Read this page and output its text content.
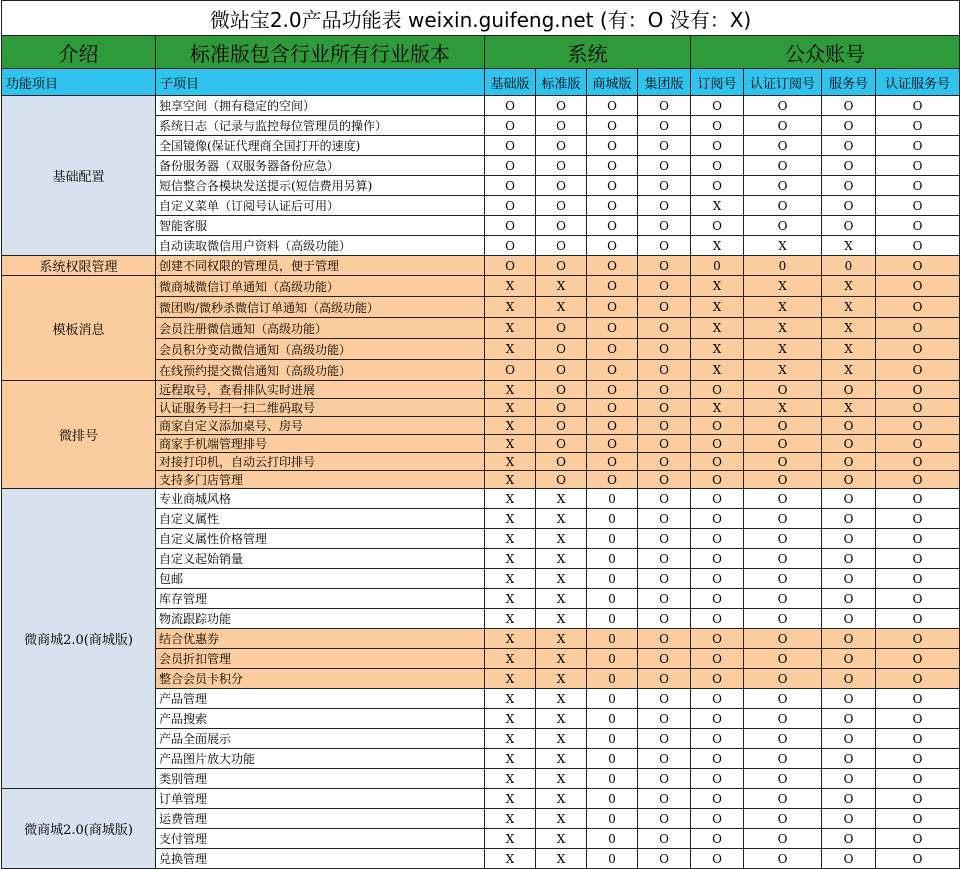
微站宝2.0产品功能表 weixin.guifeng.net (有：O 没有：X)									
介绍	标准版包含行业所有行业版本	系统				公众账号			
功能项目	子项目	基础版	标准版	商城版	集团版	订阅号	认证订阅号	服务号	认证服务号
基础配置	独享空间（拥有稳定的空间）	O	O	O	O	O	O	O	O
	系统日志（记录与监控每位管理员的操作）	O	O	O	O	O	O	O	O
	全国镜像(保证代理商全国打开的速度)	O	O	O	O	O	O	O	O
	备份服务器（双服务器备份应急）	O	O	O	O	O	O	O	O
	短信整合各模块发送提示(短信费用另算)	O	O	O	O	O	O	O	O
	自定义菜单（订阅号认证后可用）	O	O	O	O	X	O	O	O
	智能客服	O	O	O	O	O	O	O	O
	自动读取微信用户资料（高级功能）	O	O	O	O	X	X	X	O
系统权限管理	创建不同权限的管理员，便于管理	O	O	O	O	0	0	0	O
模板消息	微商城微信订单通知（高级功能）	X	X	O	O	X	X	X	O
	微团购/微秒杀微信订单通知（高级功能）	X	X	O	O	X	X	X	O
	会员注册微信通知（高级功能）	X	O	O	O	X	X	X	O
	会员积分变动微信通知（高级功能）	X	O	O	O	X	X	X	O
	在线预约提交微信通知（高级功能）	O	O	O	O	X	X	X	O
微排号	远程取号，查看排队实时进展	X	O	O	O	O	O	O	O
	认证服务号扫一扫二维码取号	X	O	O	O	X	X	X	O
	商家自定义添加桌号、房号	X	O	O	O	O	O	O	O
	商家手机端管理排号	X	O	O	O	O	O	O	O
	对接打印机，自动云打印排号	X	O	O	O	O	O	O	O
	支持多门店管理	X	O	O	O	O	O	O	O
微商城2.0(商城版)	专业商城风格	X	X	0	O	O	O	O	O
	自定义属性	X	X	0	O	O	O	O	O
	自定义属性价格管理	X	X	0	O	O	O	O	O
	自定义起始销量	X	X	0	O	O	O	O	O
	包邮	X	X	0	O	O	O	O	O
	库存管理	X	X	0	O	O	O	O	O
	物流跟踪功能	X	X	0	O	O	O	O	O
	结合优惠券	X	X	0	O	O	O	O	O
	会员折扣管理	X	X	0	O	O	O	O	O
	整合会员卡积分	X	X	0	O	O	O	O	O
	产品管理	X	X	0	O	O	O	O	O
	产品搜索	X	X	0	O	O	O	O	O
	产品全面展示	X	X	0	O	O	O	O	O
	产品图片放大功能	X	X	0	O	O	O	O	O
	类别管理	X	X	0	O	O	O	O	O
微商城2.0(商城版)	订单管理	X	X	0	O	O	O	O	O
	运费管理	X	X	0	O	O	O	O	O
	支付管理	X	X	0	O	O	O	O	O
	兑换管理	X	X	0	O	O	O	O	O
